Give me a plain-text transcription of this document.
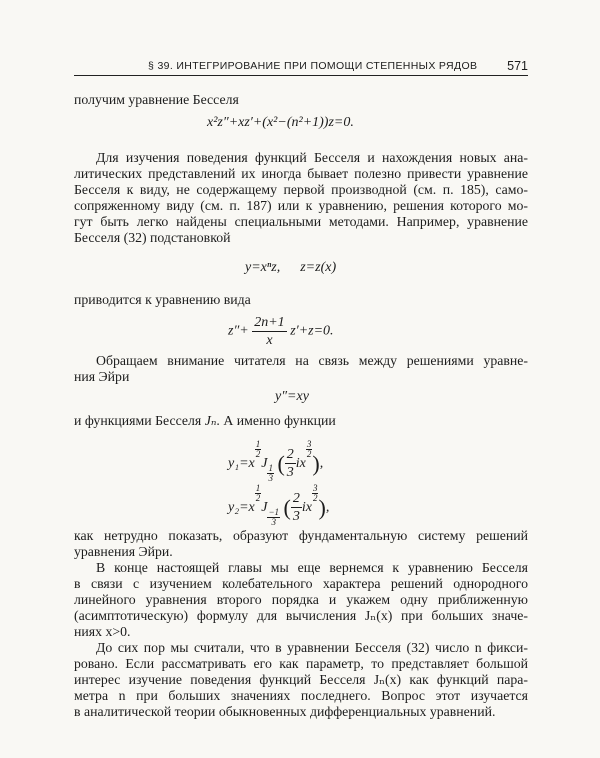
§ 39. ИНТЕГРИРОВАНИЕ ПРИ ПОМОЩИ СТЕПЕННЫХ РЯДОВ 571
получим уравнение Бесселя
x²z″+xz′+(x²−(n²+1))z=0.
Для изучения поведения функций Бесселя и нахождения новых ана-
литических представлений их иногда бывает полезно привести уравнение
Бесселя к виду, не содержащему первой производной (см. п. 185), само-
сопряженному виду (см. п. 187) или к уравнению, решения которого мо-
гут быть легко найдены специальными методами. Например, уравнение
Бесселя (32) подстановкой
y=xⁿz, z=z(x)
приводится к уравнению вида
$z''+ \frac{2n+1}{x} z'+z=0$.
Обращаем внимание читателя на связь между решениями уравне-
ния Эйри
y″=xy
и функциями Бесселя Jₙ. А именно функции
y₁=x
$\frac{1}{2}$
J
$\frac{1}{3}$ ( $\frac{2}{3}$ ix
$\frac{3}{2}$
),
y₂=x
$\frac{1}{2}$
J
$\frac{-1}{3}$ ( $\frac{2}{3}$ ix
$\frac{3}{2}$
),
как нетрудно показать, образуют фундаментальную систему решений
уравнения Эйри.
В конце настоящей главы мы еще вернемся к уравнению Бесселя
в связи с изучением колебательного характера решений однородного
линейного уравнения второго порядка и укажем одну приближенную
(асимптотическую) формулу для вычисления Jₙ(x) при больших значе-
ниях x>0.
До сих пор мы считали, что в уравнении Бесселя (32) число n фикси-
ровано. Если рассматривать его как параметр, то представляет большой
интерес изучение поведения функций Бесселя Jₙ(x) как функций пара-
метра n при больших значениях последнего. Вопрос этот изучается
в аналитической теории обыкновенных дифференциальных уравнений.
